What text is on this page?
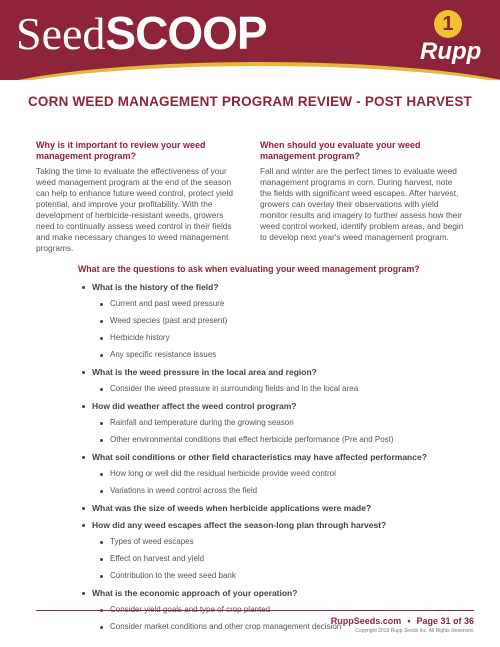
SeedSCOOP	1
Rupp
CORN WEED MANAGEMENT PROGRAM REVIEW - POST HARVEST
Why is it important to review your weed management program?

Taking the time to evaluate the effectiveness of your weed management program at the end of the season can help to enhance future weed control, protect yield potential, and improve your profitability. With the development of herbicide-resistant weeds, growers need to continually assess weed control in their fields and make necessary changes to weed management programs.

When should you evaluate your weed management program?

Fall and winter are the perfect times to evaluate weed management programs in corn. During harvest, note the fields with significant weed escapes. After harvest, growers can overlay their observations with yield monitor results and imagery to further assess how their weed control worked, identify problem areas, and begin to develop next year's weed management program.

What are the questions to ask when evaluating your weed management program?
What is the history of the field?
Current and past weed pressure
Weed species (past and present)
Herbicide history
Any specific resistance issues
What is the weed pressure in the local area and region?
Consider the weed pressure in surrounding fields and in the local area
How did weather affect the weed control program?
Rainfall and temperature during the growing season
Other environmental conditions that effect herbicide performance (Pre and Post)
What soil conditions or other field characteristics may have affected performance?
How long or well did the residual herbicide provide weed control
Variations in weed control across the field
What was the size of weeds when herbicide applications were made?
How did any weed escapes affect the season-long plan through harvest?
Types of weed escapes
Effect on harvest and yield
Contribution to the weed seed bank
What is the economic approach of your operation?
Consider market conditions and other crop management decision
RuppSeeds.com • Page 31 of 36
Copyright 2019 Rupp Seeds Inc. All Rights Reserved.
